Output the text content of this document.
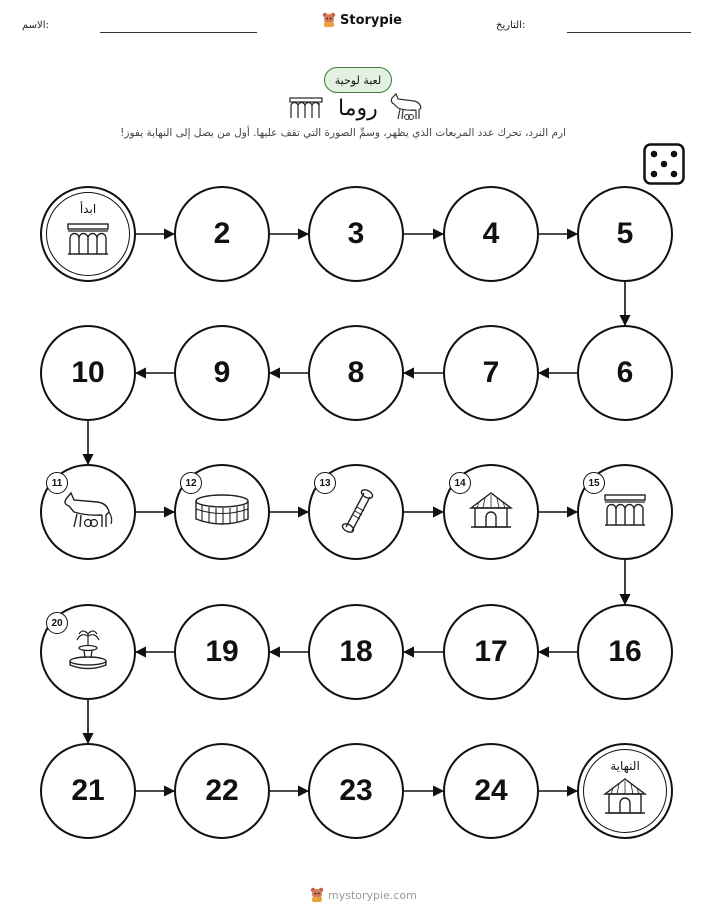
الاسم:	Storypie	التاريخ:
لعبة لوحية
روما
ارم النرد، تحرك عدد المربعات الذي يظهر، وسمِّ الصورة التي تقف عليها. أول من يصل إلى النهاية يفوز!
ابدأ
2	3	4	5
6
7
8
9
10
11	12	13	14	15
16
17
18
19
20
21	22	23	24
النهاية
mystorypie.com
